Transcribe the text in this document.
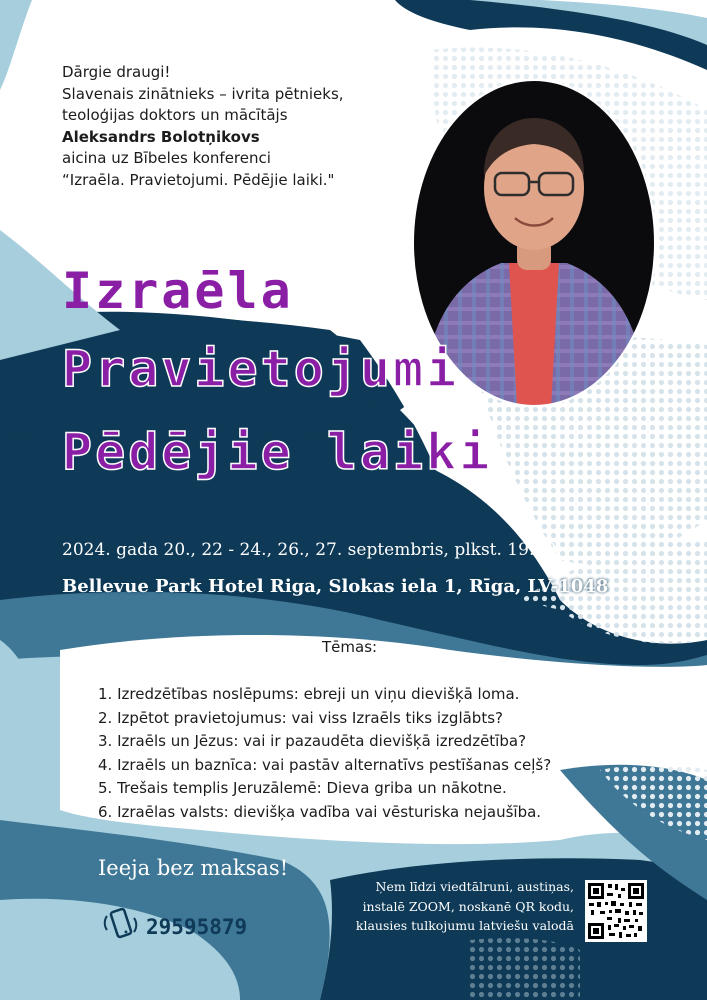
Dārgie draugi!
Slavenais zinātnieks – ivrita pētnieks,
teoloģijas doktors un mācītājs
Aleksandrs Bolotņikovs
aicina uz Bībeles konferenci
“Izraēla. Pravietojumi. Pēdējie laiki."
Izraēla
Pravietojumi
Pēdējie laiki
2024. gada 20., 22 - 24., 26., 27. septembris, plkst. 19:00
Bellevue Park Hotel Riga, Slokas iela 1, Rīga, LV-1048
Tēmas:
1. Izredzētības noslēpums: ebreji un viņu dievišķā loma.
2. Izpētot pravietojumus: vai viss Izraēls tiks izglābts?
3. Izraēls un Jēzus: vai ir pazaudēta dievišķā izredzētība?
4. Izraēls un baznīca: vai pastāv alternatīvs pestīšanas ceļš?
5. Trešais templis Jeruzālemē: Dieva griba un nākotne.
6. Izraēlas valsts: dievišķa vadība vai vēsturiska nejaušība.
Ieeja bez maksas!
29595879
Ņem līdzi viedtālruni, austiņas,
instalē ZOOM, noskanē QR kodu,
klausies tulkojumu latviešu valodā
